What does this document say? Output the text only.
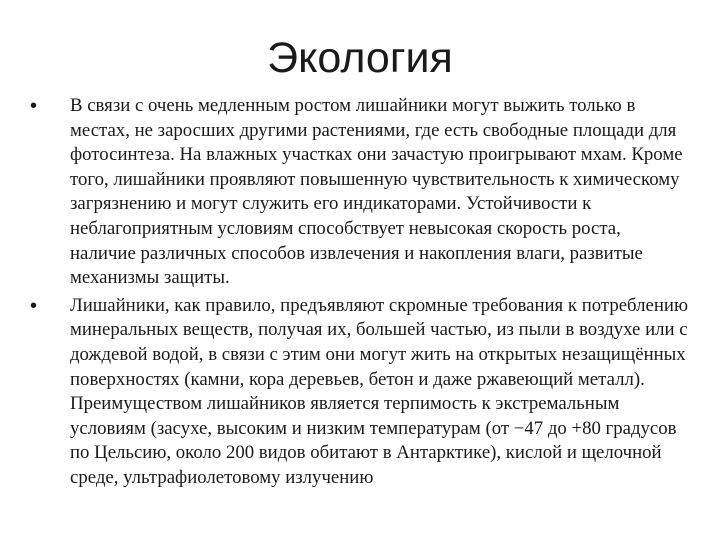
Экология
•	В связи с очень медленным ростом лишайники могут выжить только в местах, не заросших другими растениями, где есть свободные площади для фотосинтеза. На влажных участках они зачастую проигрывают мхам. Кроме того, лишайники проявляют повышенную чувствительность к химическому загрязнению и могут служить его индикаторами. Устойчивости к неблагоприятным условиям способствует невысокая скорость роста, наличие различных способов извлечения и накопления влаги, развитые механизмы защиты.
•	Лишайники, как правило, предъявляют скромные требования к потреблению минеральных веществ, получая их, большей частью, из пыли в воздухе или с дождевой водой, в связи с этим они могут жить на открытых незащищённых поверхностях (камни, кора деревьев, бетон и даже ржавеющий металл). Преимуществом лишайников является терпимость к экстремальным условиям (засухе, высоким и низким температурам (от −47 до +80 градусов по Цельсию, около 200 видов обитают в Антарктике), кислой и щелочной среде, ультрафиолетовому излучению
